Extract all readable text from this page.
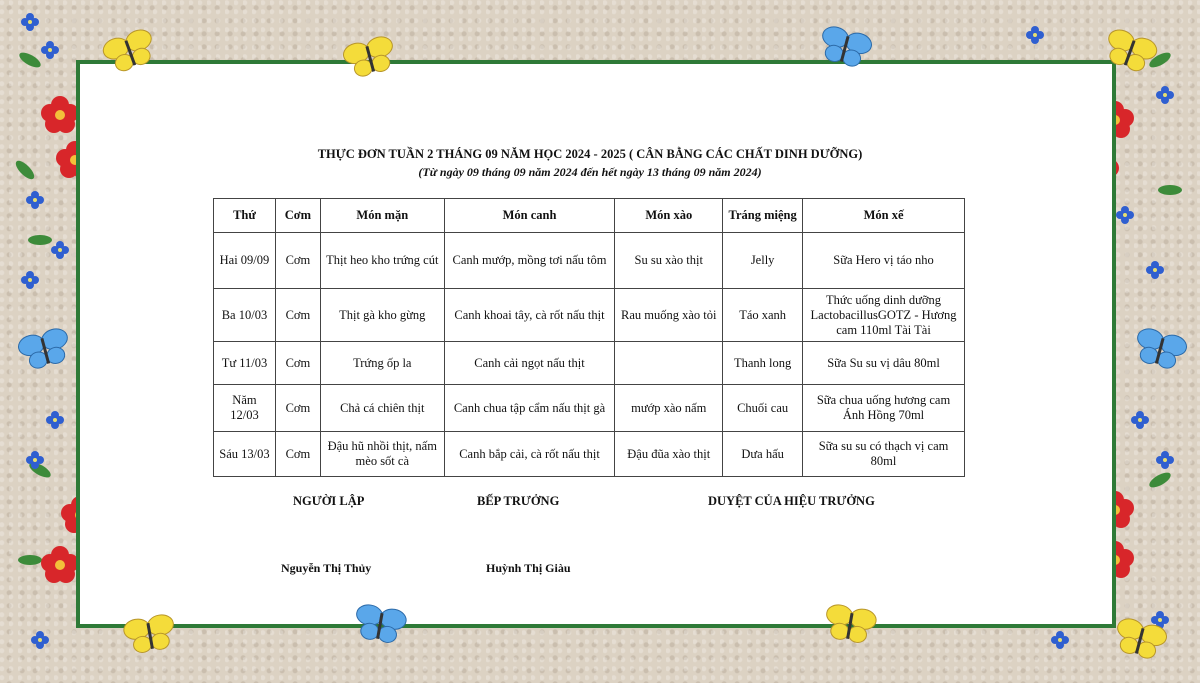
THỰC ĐƠN TUẦN 2 THÁNG 09 NĂM HỌC 2024 - 2025 ( CÂN BẰNG CÁC CHẤT DINH DƯỠNG)
(Từ ngày 09 tháng 09 năm 2024 đến hết ngày 13 tháng 09 năm 2024)
Thứ	Cơm	Món mặn	Món canh	Món xào	Tráng miệng	Món xế
Hai 09/09	Cơm	Thịt heo kho trứng cút	Canh mướp, mồng tơi nấu tôm	Su su xào thịt	Jelly	Sữa Hero vị táo nho
Ba 10/03	Cơm	Thịt gà kho gừng	Canh khoai tây, cà rốt nấu thịt	Rau muống xào tỏi	Táo xanh	Thức uống dinh dưỡng LactobacillusGOTZ - Hương cam 110ml Tài Tài
Tư 11/03	Cơm	Trứng ốp la	Canh cải ngọt nấu thịt		Thanh long	Sữa Su su vị dâu 80ml
Năm 12/03	Cơm	Chả cá chiên thịt	Canh chua tập cẩm nấu thịt gà	mướp xào nấm	Chuối cau	Sữa chua uống hương cam Ánh Hồng 70ml
Sáu 13/03	Cơm	Đậu hũ nhồi thịt, nấm mèo sốt cà	Canh bắp cải, cà rốt nấu thịt	Đậu đũa xào thịt	Dưa hấu	Sữa su su có thạch vị cam 80ml
NGƯỜI LẬP	BẾP TRƯỞNG	DUYỆT CỦA HIỆU TRƯỞNG
Nguyễn Thị Thủy	Huỳnh Thị Giàu
